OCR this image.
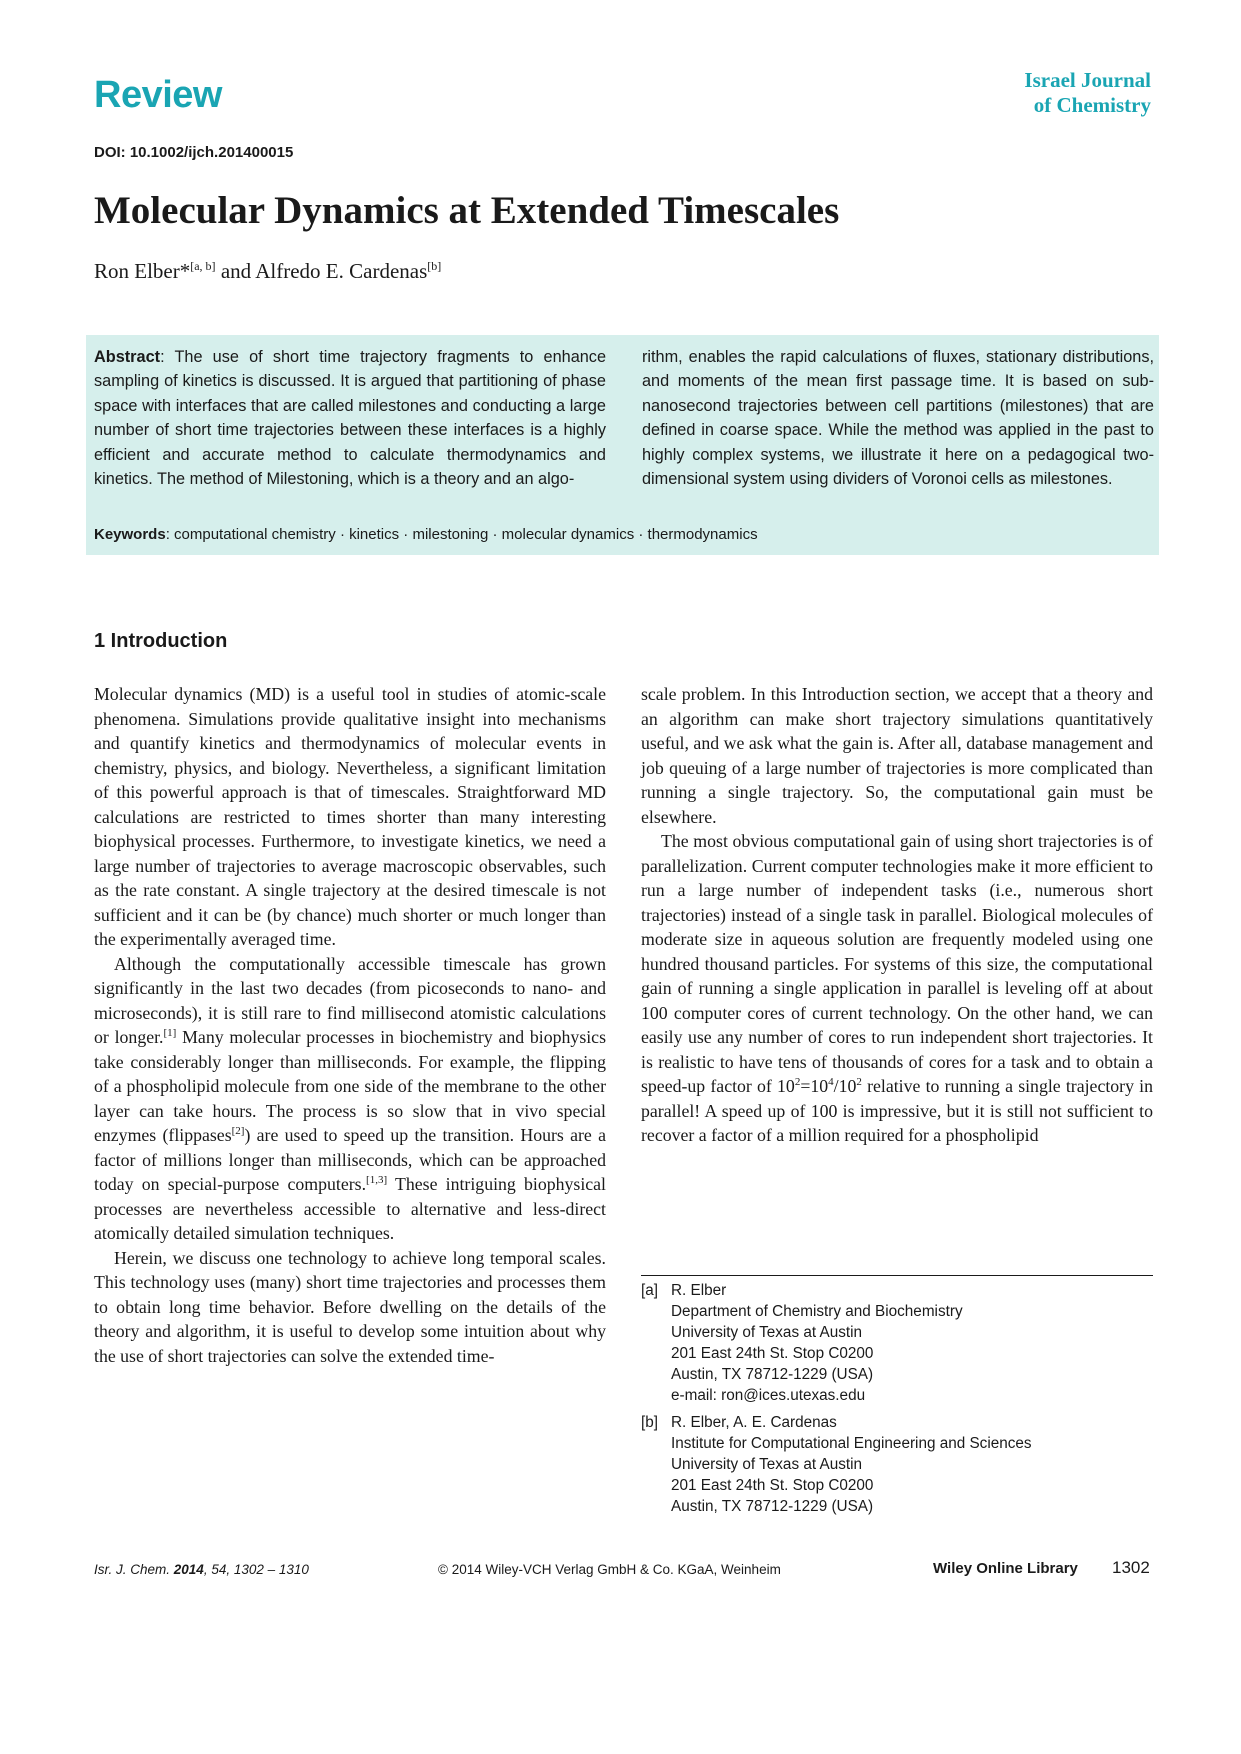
Review	Israel Journal
of Chemistry
DOI: 10.1002/ijch.201400015
Molecular Dynamics at Extended Timescales
Ron Elber*[a, b] and Alfredo E. Cardenas[b]
Abstract: The use of short time trajectory fragments to enhance sampling of kinetics is discussed. It is argued that partitioning of phase space with interfaces that are called milestones and conducting a large number of short time trajectories between these interfaces is a highly efficient and accurate method to calculate thermodynamics and kinetics. The method of Milestoning, which is a theory and an algo-
rithm, enables the rapid calculations of fluxes, stationary distributions, and moments of the mean first passage time. It is based on sub-nanosecond trajectories between cell partitions (milestones) that are defined in coarse space. While the method was applied in the past to highly complex systems, we illustrate it here on a pedagogical two-dimensional system using dividers of Voronoi cells as milestones.
Keywords: computational chemistry · kinetics · milestoning · molecular dynamics · thermodynamics
1 Introduction

Molecular dynamics (MD) is a useful tool in studies of atomic-scale phenomena. Simulations provide qualitative insight into mechanisms and quantify kinetics and thermodynamics of molecular events in chemistry, physics, and biology. Nevertheless, a significant limitation of this powerful approach is that of timescales. Straightforward MD calculations are restricted to times shorter than many interesting biophysical processes. Furthermore, to investigate kinetics, we need a large number of trajectories to average macroscopic observables, such as the rate constant. A single trajectory at the desired timescale is not sufficient and it can be (by chance) much shorter or much longer than the experimentally averaged time.

Although the computationally accessible timescale has grown significantly in the last two decades (from picoseconds to nano- and microseconds), it is still rare to find millisecond atomistic calculations or longer.[1] Many molecular processes in biochemistry and biophysics take considerably longer than milliseconds. For example, the flipping of a phospholipid molecule from one side of the membrane to the other layer can take hours. The process is so slow that in vivo special enzymes (flippases[2]) are used to speed up the transition. Hours are a factor of millions longer than milliseconds, which can be approached today on special-purpose computers.[1,3] These intriguing biophysical processes are nevertheless accessible to alternative and less-direct atomically detailed simulation techniques.

Herein, we discuss one technology to achieve long temporal scales. This technology uses (many) short time trajectories and processes them to obtain long time behavior. Before dwelling on the details of the theory and algorithm, it is useful to develop some intuition about why the use of short trajectories can solve the extended time-

scale problem. In this Introduction section, we accept that a theory and an algorithm can make short trajectory simulations quantitatively useful, and we ask what the gain is. After all, database management and job queuing of a large number of trajectories is more complicated than running a single trajectory. So, the computational gain must be elsewhere.

The most obvious computational gain of using short trajectories is of parallelization. Current computer technologies make it more efficient to run a large number of independent tasks (i.e., numerous short trajectories) instead of a single task in parallel. Biological molecules of moderate size in aqueous solution are frequently modeled using one hundred thousand particles. For systems of this size, the computational gain of running a single application in parallel is leveling off at about 100 computer cores of current technology. On the other hand, we can easily use any number of cores to run independent short trajectories. It is realistic to have tens of thousands of cores for a task and to obtain a speed-up factor of $10^2=10^4/10^2$ relative to running a single trajectory in parallel! A speed up of 100 is impressive, but it is still not sufficient to recover a factor of a million required for a phospholipid

[a] R. Elber
Department of Chemistry and Biochemistry
University of Texas at Austin
201 East 24th St. Stop C0200
Austin, TX 78712-1229 (USA)
e-mail: ron@ices.utexas.edu
[b] R. Elber, A. E. Cardenas
Institute for Computational Engineering and Sciences
University of Texas at Austin
201 East 24th St. Stop C0200
Austin, TX 78712-1229 (USA)
Isr. J. Chem. 2014, 54, 1302 – 1310	© 2014 Wiley-VCH Verlag GmbH & Co. KGaA, Weinheim	Wiley Online Library 1302
